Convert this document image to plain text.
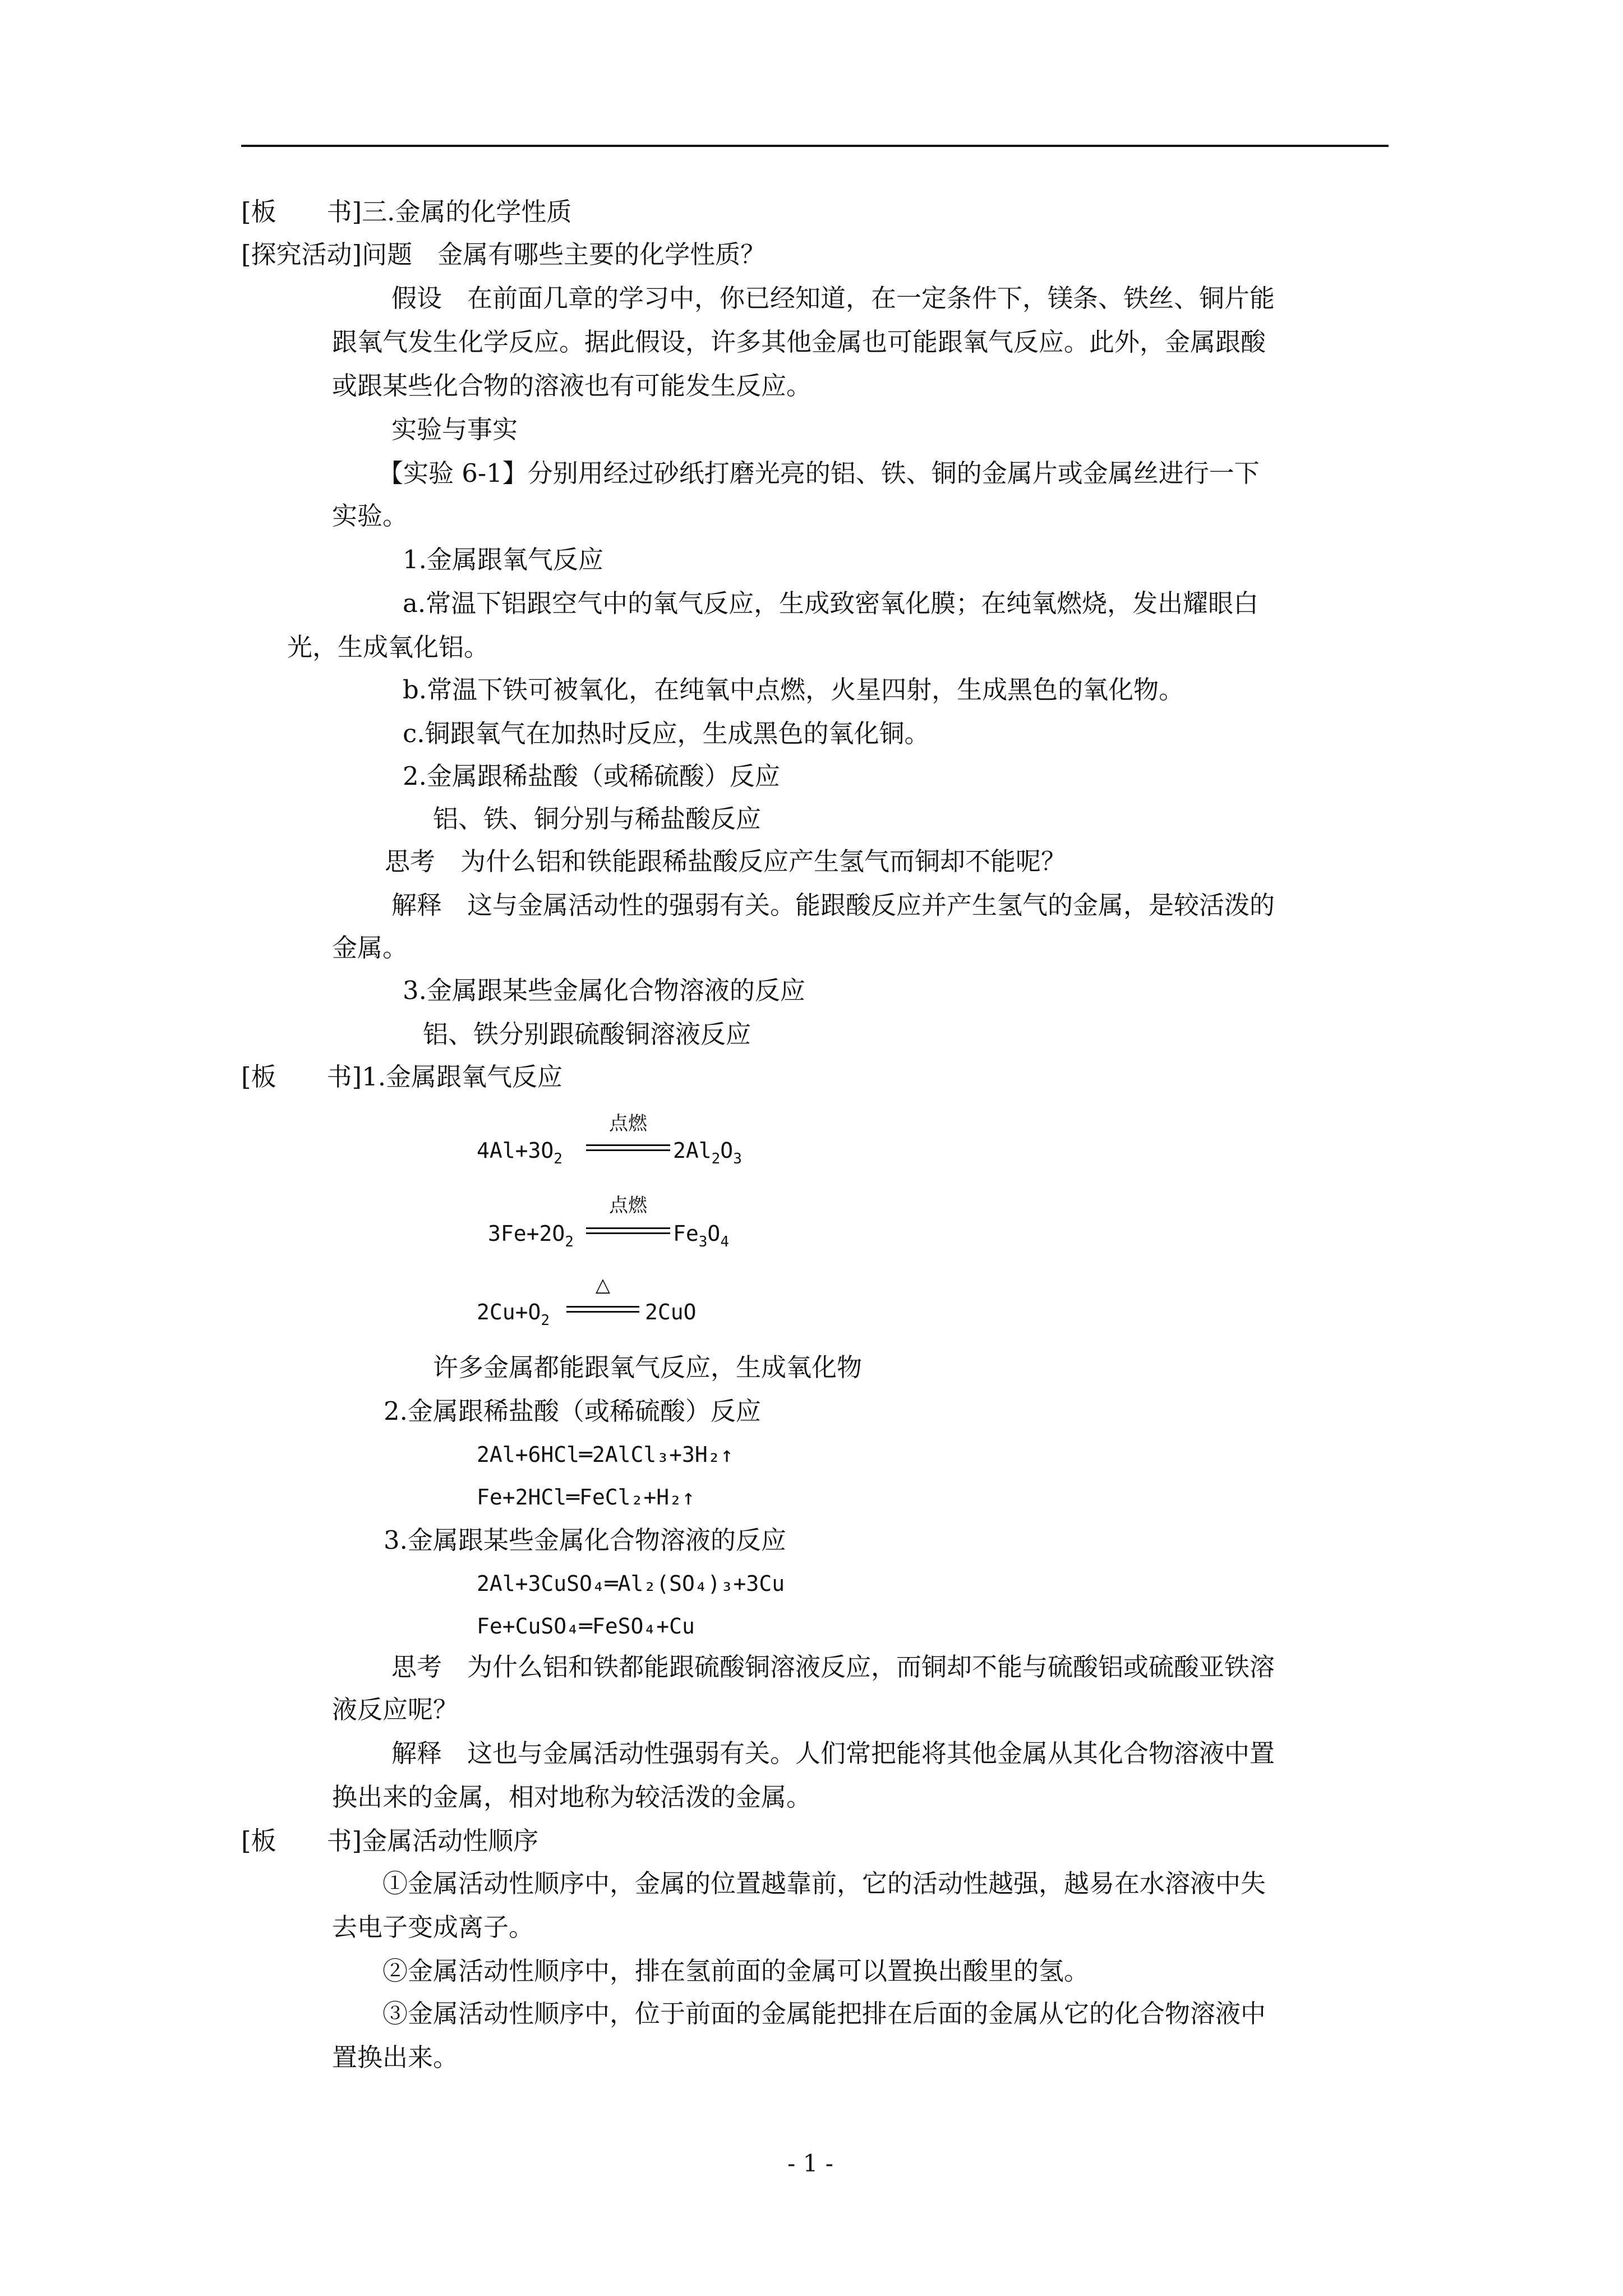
[板　　书]三.金属的化学性质
[探究活动]问题　金属有哪些主要的化学性质？
假设　在前面几章的学习中，你已经知道，在一定条件下，镁条、铁丝、铜片能
跟氧气发生化学反应。据此假设，许多其他金属也可能跟氧气反应。此外，金属跟酸
或跟某些化合物的溶液也有可能发生反应。
实验与事实
【实验 6-1】分别用经过砂纸打磨光亮的铝、铁、铜的金属片或金属丝进行一下
实验。
1.金属跟氧气反应
a.常温下铝跟空气中的氧气反应，生成致密氧化膜；在纯氧燃烧，发出耀眼白
光，生成氧化铝。
b.常温下铁可被氧化，在纯氧中点燃，火星四射，生成黑色的氧化物。
c.铜跟氧气在加热时反应，生成黑色的氧化铜。
2.金属跟稀盐酸（或稀硫酸）反应
铝、铁、铜分别与稀盐酸反应
思考　为什么铝和铁能跟稀盐酸反应产生氢气而铜却不能呢？
解释　这与金属活动性的强弱有关。能跟酸反应并产生氢气的金属，是较活泼的
金属。
3.金属跟某些金属化合物溶液的反应
铝、铁分别跟硫酸铜溶液反应
[板　　书]1.金属跟氧气反应
$4Al+3O_2$
点燃
$2Al_2O_3$
$3Fe+2O_2$
点燃
$Fe_3O_4$
$2Cu+O_2$
△
2CuO
许多金属都能跟氧气反应，生成氧化物
2.金属跟稀盐酸（或稀硫酸）反应
2Al+6HCl═2AlCl₃+3H₂↑
Fe+2HCl═FeCl₂+H₂↑
3.金属跟某些金属化合物溶液的反应
2Al+3CuSO₄═Al₂(SO₄)₃+3Cu
Fe+CuSO₄═FeSO₄+Cu
思考　为什么铝和铁都能跟硫酸铜溶液反应，而铜却不能与硫酸铝或硫酸亚铁溶
液反应呢？
解释　这也与金属活动性强弱有关。人们常把能将其他金属从其化合物溶液中置
换出来的金属，相对地称为较活泼的金属。
[板　　书]金属活动性顺序
①金属活动性顺序中，金属的位置越靠前，它的活动性越强，越易在水溶液中失
去电子变成离子。
②金属活动性顺序中，排在氢前面的金属可以置换出酸里的氢。
③金属活动性顺序中，位于前面的金属能把排在后面的金属从它的化合物溶液中
置换出来。
- 1 -
